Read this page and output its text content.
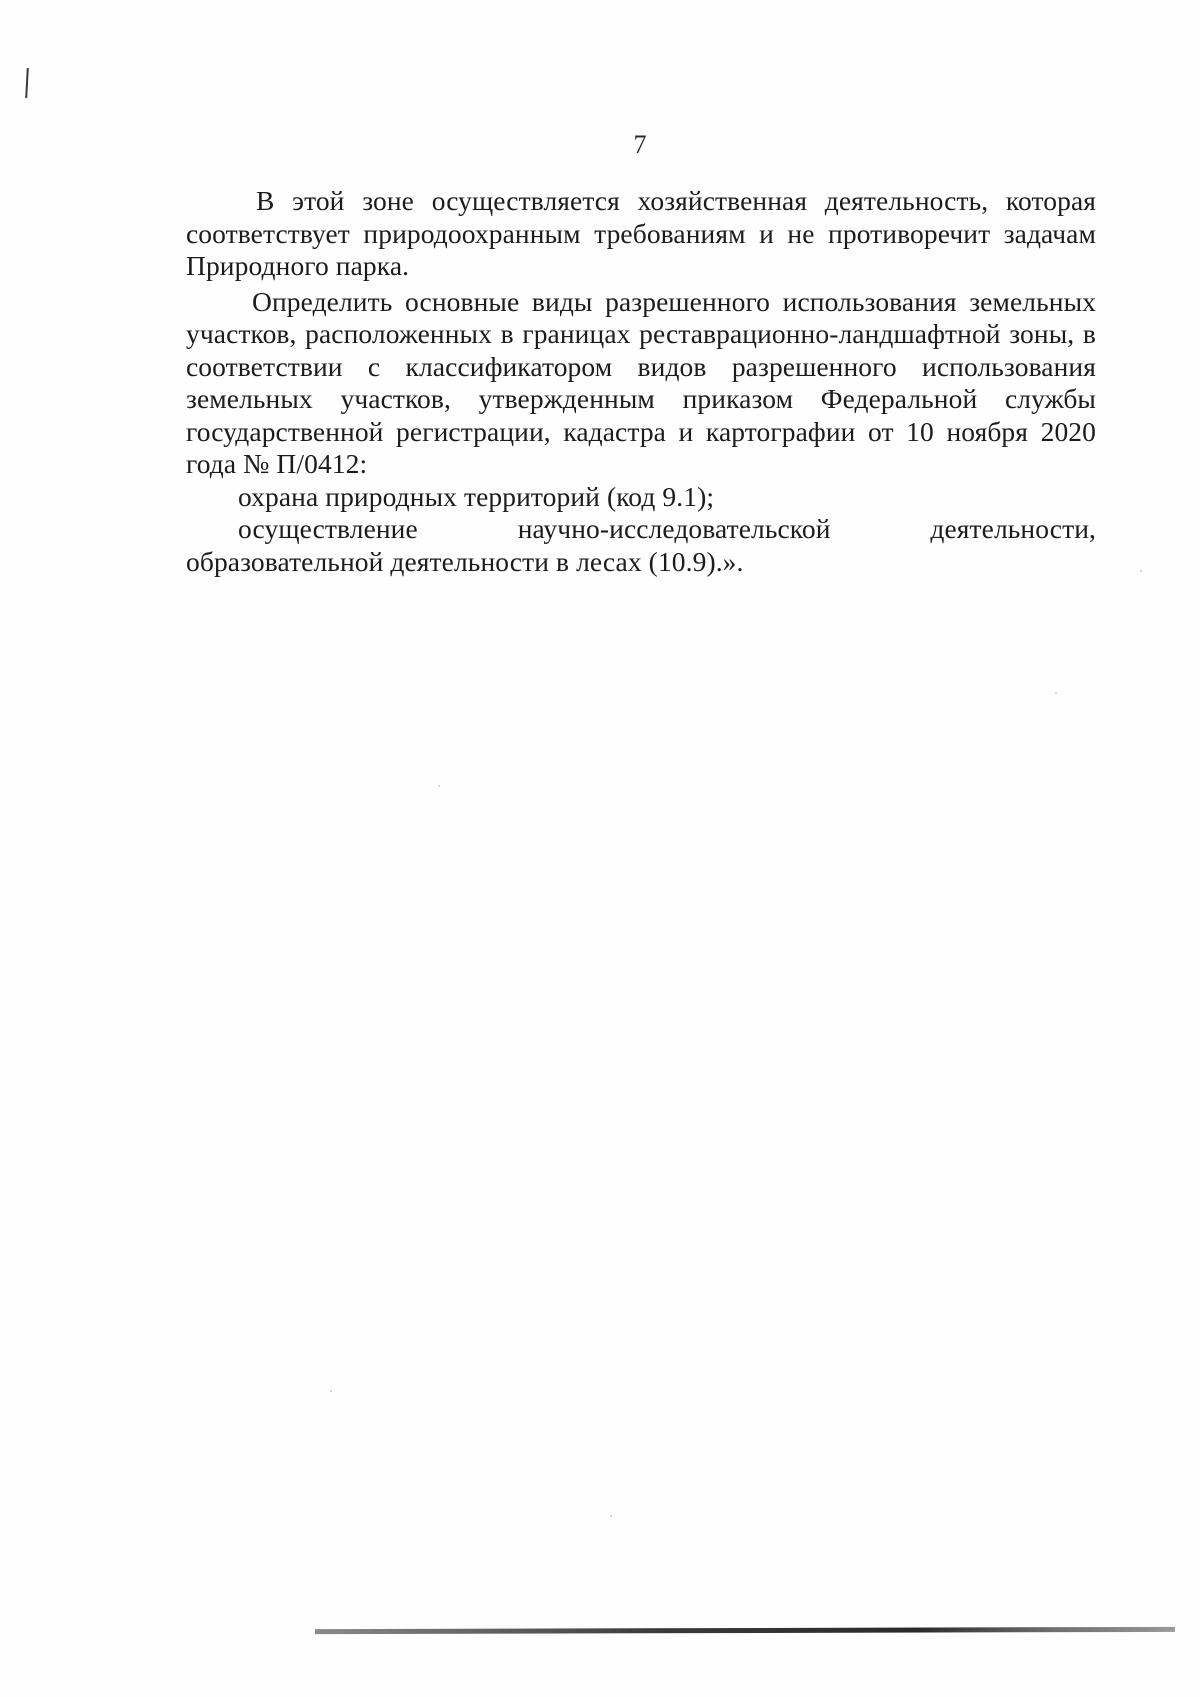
7

В этой зоне осуществляется хозяйственная деятельность, которая соответствует природоохранным требованиям и не противоречит задачам Природного парка.

Определить основные виды разрешенного использования земельных участков, расположенных в границах реставрационно-ландшафтной зоны, в соответствии с классификатором видов разрешенного использования земельных участков, утвержденным приказом Федеральной службы государственной регистрации, кадастра и картографии от 10 ноября 2020 года № П/0412:

охрана природных территорий (код 9.1);

осуществление научно-исследовательской деятельности, образовательной деятельности в лесах (10.9).».
